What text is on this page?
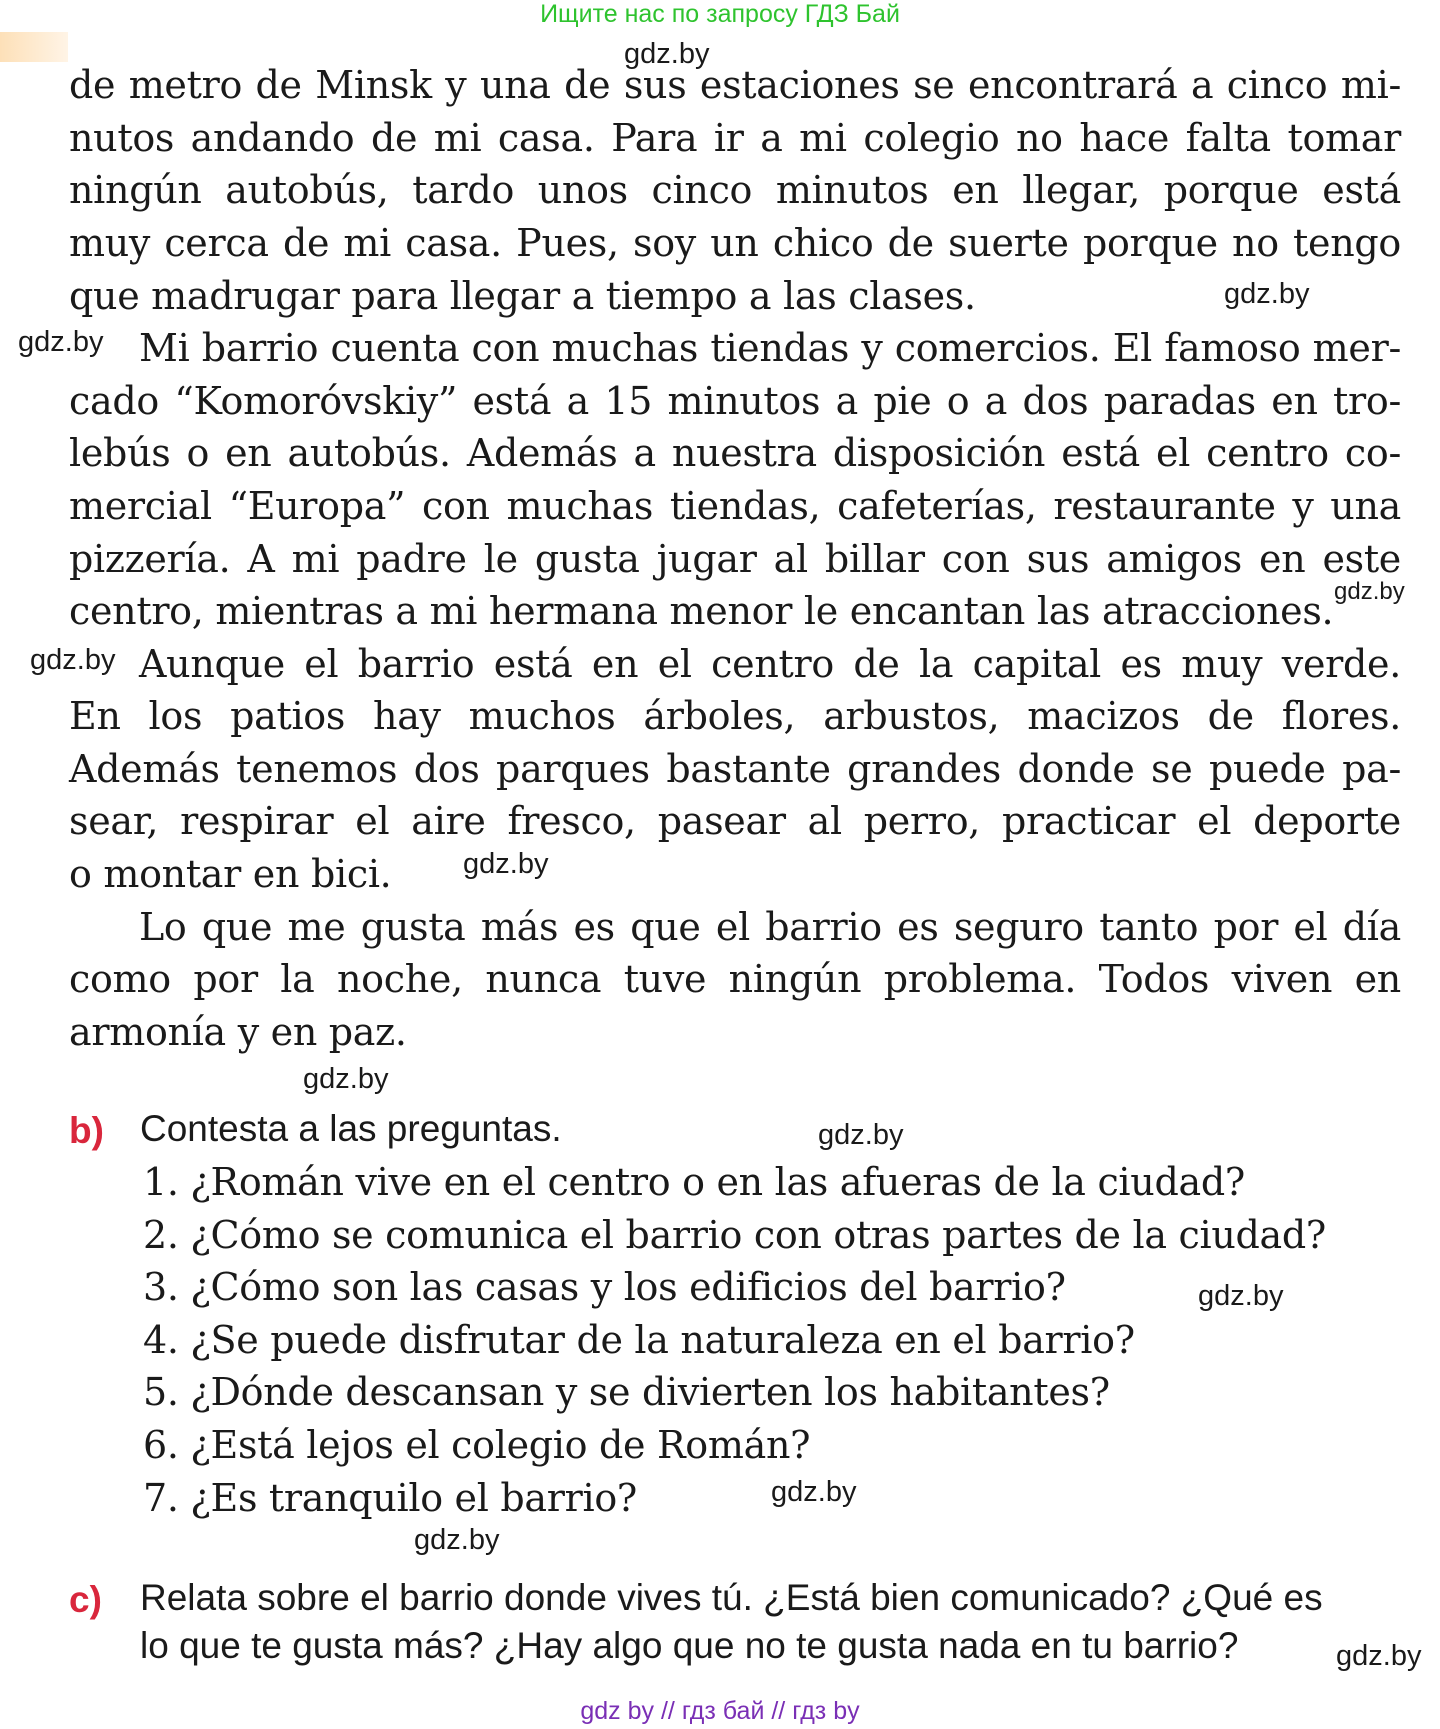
Ищите нас по запросу ГДЗ Бай
gdz.by
gdz.by
gdz.by
gdz.by
gdz.by
gdz.by
gdz.by
gdz.by
gdz.by
gdz.by
gdz.by
gdz.by
de metro de Minsk y una de sus estaciones se encontrará a cinco mi-
nutos andando de mi casa. Para ir a mi colegio no hace falta tomar
ningún autobús, tardo unos cinco minutos en llegar, porque está
muy cerca de mi casa. Pues, soy un chico de suerte porque no tengo
que madrugar para llegar a tiempo a las clases.
Mi barrio cuenta con muchas tiendas y comercios. El famoso mer-
cado “Komoróvskiy” está a 15 minutos a pie o a dos paradas en tro-
lebús o en autobús. Además a nuestra disposición está el centro co-
mercial “Europa” con muchas tiendas, cafeterías, restaurante y una
pizzería. A mi padre le gusta jugar al billar con sus amigos en este
centro, mientras a mi hermana menor le encantan las atracciones.
Aunque el barrio está en el centro de la capital es muy verde.
En los patios hay muchos árboles, arbustos, macizos de flores.
Además tenemos dos parques bastante grandes donde se puede pa-
sear, respirar el aire fresco, pasear al perro, practicar el deporte
o montar en bici.
Lo que me gusta más es que el barrio es seguro tanto por el día
como por la noche, nunca tuve ningún problema. Todos viven en
armonía y en paz.
b) Contesta a las preguntas.
1. ¿Román vive en el centro o en las afueras de la ciudad?
2. ¿Cómo se comunica el barrio con otras partes de la ciudad?
3. ¿Cómo son las casas y los edificios del barrio?
4. ¿Se puede disfrutar de la naturaleza en el barrio?
5. ¿Dónde descansan y se divierten los habitantes?
6. ¿Está lejos el colegio de Román?
7. ¿Es tranquilo el barrio?
c) Relata sobre el barrio donde vives tú. ¿Está bien comunicado? ¿Qué es
lo que te gusta más? ¿Hay algo que no te gusta nada en tu barrio?
gdz by // гдз бай // гдз by
